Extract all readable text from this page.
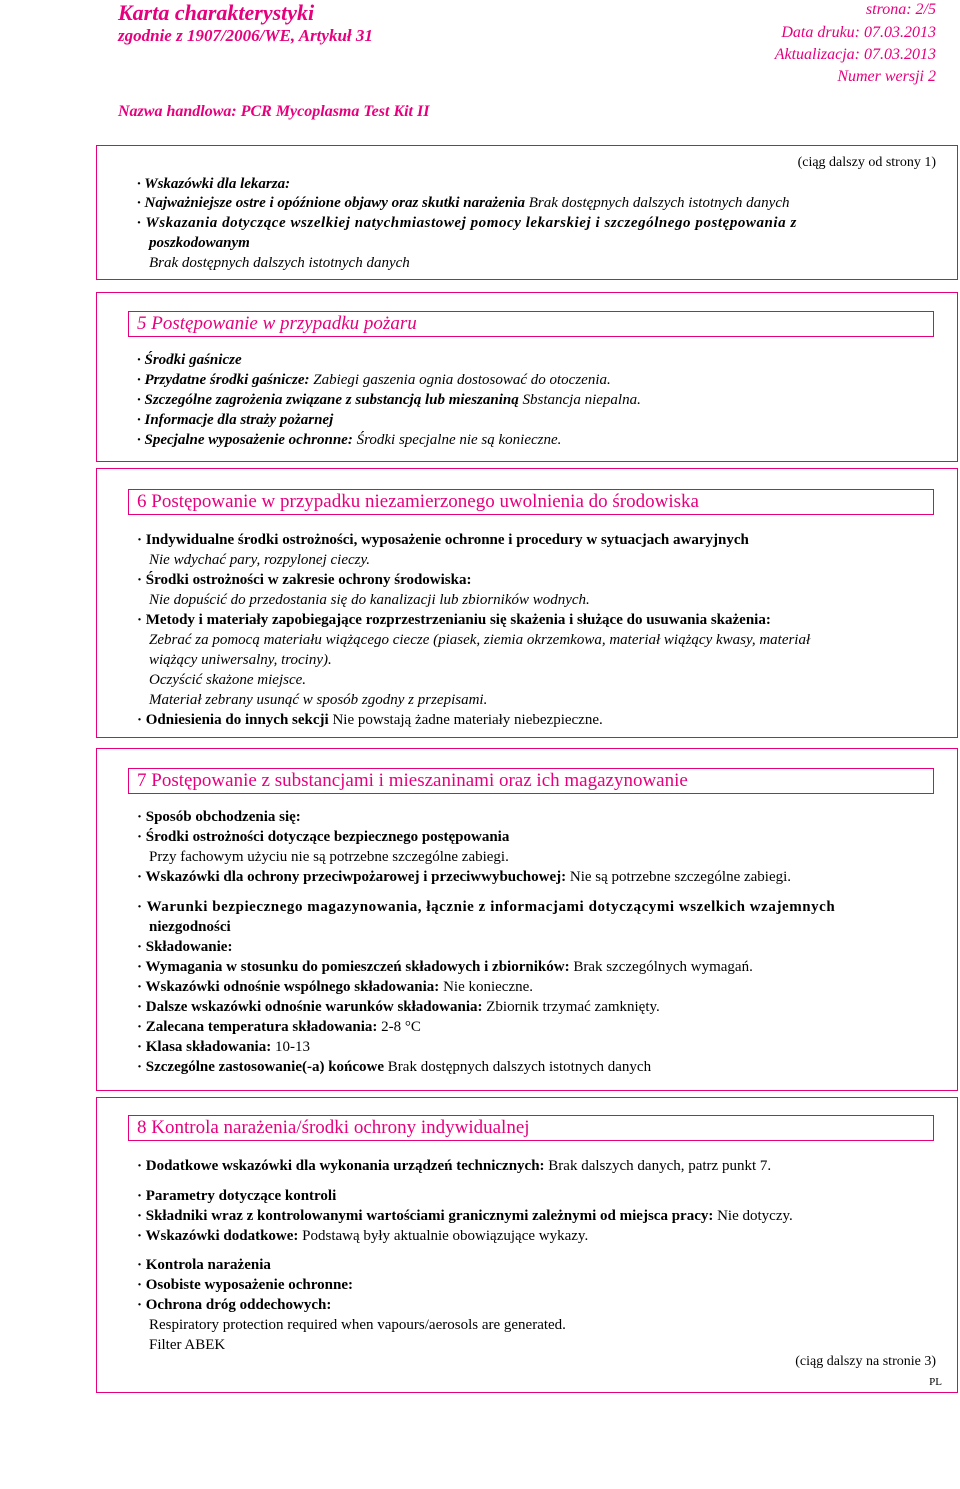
Karta charakterystyki
zgodnie z 1907/2006/WE, Artykuł 31
strona: 2/5
Data druku: 07.03.2013
Aktualizacja: 07.03.2013
Numer wersji 2
Nazwa handlowa: PCR Mycoplasma Test Kit II
(ciąg dalszy od strony 1)
· Wskazówki dla lekarza:
· Najważniejsze ostre i opóźnione objawy oraz skutki narażenia Brak dostępnych dalszych istotnych danych
· Wskazania dotyczące wszelkiej natychmiastowej pomocy lekarskiej i szczególnego postępowania z
poszkodowanym
Brak dostępnych dalszych istotnych danych
5 Postępowanie w przypadku pożaru
· Środki gaśnicze
· Przydatne środki gaśnicze: Zabiegi gaszenia ognia dostosować do otoczenia.
· Szczególne zagrożenia związane z substancją lub mieszaniną Sbstancja niepalna.
· Informacje dla straży pożarnej
· Specjalne wyposażenie ochronne: Środki specjalne nie są konieczne.
6 Postępowanie w przypadku niezamierzonego uwolnienia do środowiska
· Indywidualne środki ostrożności, wyposażenie ochronne i procedury w sytuacjach awaryjnych
Nie wdychać pary, rozpylonej cieczy.
· Środki ostrożności w zakresie ochrony środowiska:
Nie dopuścić do przedostania się do kanalizacji lub zbiorników wodnych.
· Metody i materiały zapobiegające rozprzestrzenianiu się skażenia i służące do usuwania skażenia:
Zebrać za pomocą materiału wiążącego ciecze (piasek, ziemia okrzemkowa, materiał wiążący kwasy, materiał
wiążący uniwersalny, trociny).
Oczyścić skażone miejsce.
Materiał zebrany usunąć w sposób zgodny z przepisami.
· Odniesienia do innych sekcji Nie powstają żadne materiały niebezpieczne.
7 Postępowanie z substancjami i mieszaninami oraz ich magazynowanie
· Sposób obchodzenia się:
· Środki ostrożności dotyczące bezpiecznego postępowania
Przy fachowym użyciu nie są potrzebne szczególne zabiegi.
· Wskazówki dla ochrony przeciwpożarowej i przeciwwybuchowej: Nie są potrzebne szczególne zabiegi.
· Warunki bezpiecznego magazynowania, łącznie z informacjami dotyczącymi wszelkich wzajemnych
niezgodności
· Składowanie:
· Wymagania w stosunku do pomieszczeń składowych i zbiorników: Brak szczególnych wymagań.
· Wskazówki odnośnie wspólnego składowania: Nie konieczne.
· Dalsze wskazówki odnośnie warunków składowania: Zbiornik trzymać zamknięty.
· Zalecana temperatura składowania: 2-8 °C
· Klasa składowania: 10-13
· Szczególne zastosowanie(-a) końcowe Brak dostępnych dalszych istotnych danych
8 Kontrola narażenia/środki ochrony indywidualnej
· Dodatkowe wskazówki dla wykonania urządzeń technicznych: Brak dalszych danych, patrz punkt 7.
· Parametry dotyczące kontroli
· Składniki wraz z kontrolowanymi wartościami granicznymi zależnymi od miejsca pracy: Nie dotyczy.
· Wskazówki dodatkowe: Podstawą były aktualnie obowiązujące wykazy.
· Kontrola narażenia
· Osobiste wyposażenie ochronne:
· Ochrona dróg oddechowych:
Respiratory protection required when vapours/aerosols are generated.
Filter ABEK
(ciąg dalszy na stronie 3)
PL
